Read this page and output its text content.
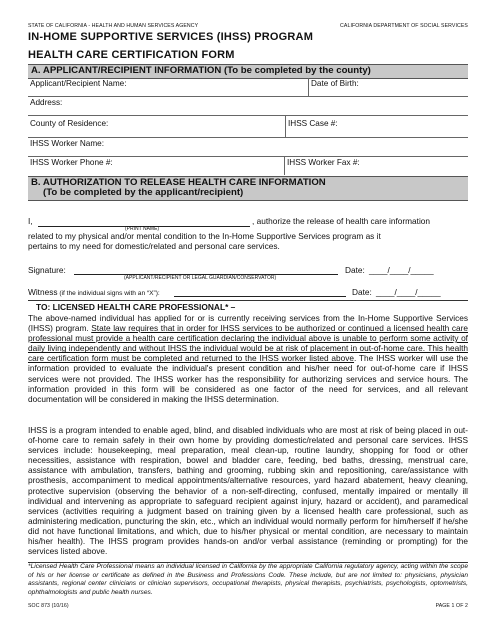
STATE OF CALIFORNIA - HEALTH AND HUMAN SERVICES AGENCY	CALIFORNIA DEPARTMENT OF SOCIAL SERVICES
IN-HOME SUPPORTIVE SERVICES (IHSS) PROGRAM
HEALTH CARE CERTIFICATION FORM
A. APPLICANT/RECIPIENT INFORMATION (To be completed by the county)
Applicant/Recipient Name:	Date of Birth:
Address:
County of Residence:	IHSS Case #:
IHSS Worker Name:
IHSS Worker Phone #:	IHSS Worker Fax #:
B. AUTHORIZATION TO RELEASE HEALTH CARE INFORMATION
(To be completed by the applicant/recipient)
I,	, authorize the release of health care information
(PRINT NAME)
related to my physical and/or mental condition to the In-Home Supportive Services program as it
pertains to my need for domestic/related and personal care services.
Signature:
(APPLICANT/RECIPIENT OR LEGAL GUARDIAN/CONSERVATOR)
Date: ____/____/_____
Witness (if the individual signs with an “X”):	Date: ____/____/_____
TO: LICENSED HEALTH CARE PROFESSIONAL* –
The above-named individual has applied for or is currently receiving services from the In-Home Supportive Services (IHSS) program. State law requires that in order for IHSS services to be authorized or continued a licensed health care professional must provide a health care certification declaring the individual above is unable to perform some activity of daily living independently and without IHSS the individual would be at risk of placement in out-of-home care. This health care certification form must be completed and returned to the IHSS worker listed above. The IHSS worker will use the information provided to evaluate the individual's present condition and his/her need for out-of-home care if IHSS services were not provided. The IHSS worker has the responsibility for authorizing services and service hours. The information provided in this form will be considered as one factor of the need for services, and all relevant documentation will be considered in making the IHSS determination.
IHSS is a program intended to enable aged, blind, and disabled individuals who are most at risk of being placed in out-of-home care to remain safely in their own home by providing domestic/related and personal care services. IHSS services include: housekeeping, meal preparation, meal clean-up, routine laundry, shopping for food or other necessities, assistance with respiration, bowel and bladder care, feeding, bed baths, dressing, menstrual care, assistance with ambulation, transfers, bathing and grooming, rubbing skin and repositioning, care/assistance with prosthesis, accompaniment to medical appointments/alternative resources, yard hazard abatement, heavy cleaning, protective supervision (observing the behavior of a non-self-directing, confused, mentally impaired or mentally ill individual and intervening as appropriate to safeguard recipient against injury, hazard or accident), and paramedical services (activities requiring a judgment based on training given by a licensed health care professional, such as administering medication, puncturing the skin, etc., which an individual would normally perform for him/herself if he/she did not have functional limitations, and which, due to his/her physical or mental condition, are necessary to maintain his/her health). The IHSS program provides hands-on and/or verbal assistance (reminding or prompting) for the services listed above.
*Licensed Health Care Professional means an individual licensed in California by the appropriate California regulatory agency, acting within the scope of his or her license or certificate as defined in the Business and Professions Code. These include, but are not limited to: physicians, physician assistants, regional center clinicians or clinician supervisors, occupational therapists, physical therapists, psychiatrists, psychologists, optometrists, ophthalmologists and public health nurses.
SOC 873 (10/16)	PAGE 1 OF 2
